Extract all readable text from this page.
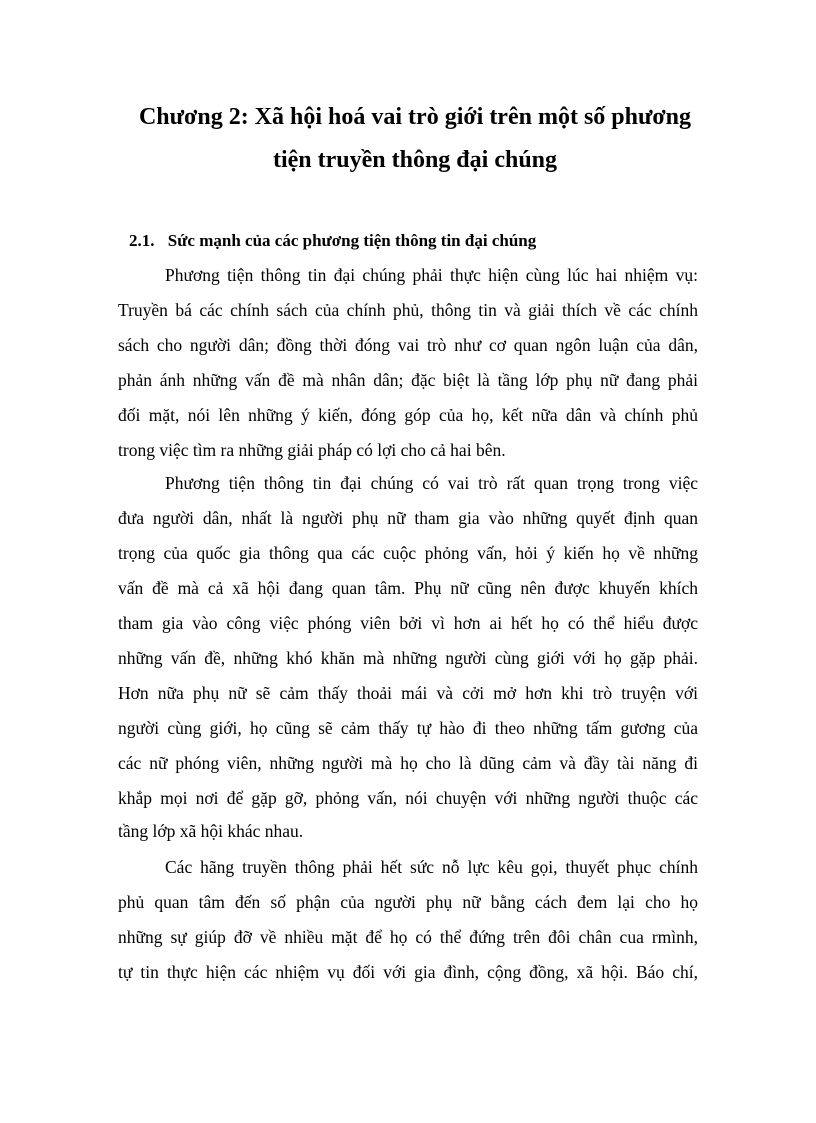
Chương 2: Xã hội hoá vai trò giới trên một số phương
tiện truyền thông đại chúng
2.1. Sức mạnh của các phương tiện thông tin đại chúng
Phương tiện thông tin đại chúng phải thực hiện cùng lúc hai nhiệm vụ:
Truyền bá các chính sách của chính phủ, thông tin và giải thích về các chính
sách cho người dân; đồng thời đóng vai trò như cơ quan ngôn luận của dân,
phản ánh những vấn đề mà nhân dân; đặc biệt là tầng lớp phụ nữ đang phải
đối mặt, nói lên những ý kiến, đóng góp của họ, kết nữa dân và chính phủ
trong việc tìm ra những giải pháp có lợi cho cả hai bên.
Phương tiện thông tin đại chúng có vai trò rất quan trọng trong việc
đưa người dân, nhất là người phụ nữ tham gia vào những quyết định quan
trọng của quốc gia thông qua các cuộc phỏng vấn, hỏi ý kiến họ về những
vấn đề mà cả xã hội đang quan tâm. Phụ nữ cũng nên được khuyến khích
tham gia vào công việc phóng viên bởi vì hơn ai hết họ có thể hiểu được
những vấn đề, những khó khăn mà những người cùng giới với họ gặp phải.
Hơn nữa phụ nữ sẽ cảm thấy thoải mái và cởi mở hơn khi trò truyện với
người cùng giới, họ cũng sẽ cảm thấy tự hào đi theo những tấm gương của
các nữ phóng viên, những người mà họ cho là dũng cảm và đầy tài năng đi
khắp mọi nơi để gặp gỡ, phỏng vấn, nói chuyện với những người thuộc các
tầng lớp xã hội khác nhau.
Các hãng truyền thông phải hết sức nỗ lực kêu gọi, thuyết phục chính
phủ quan tâm đến số phận của người phụ nữ bằng cách đem lại cho họ
những sự giúp đỡ về nhiều mặt để họ có thể đứng trên đôi chân cua rmình,
tự tin thực hiện các nhiệm vụ đối với gia đình, cộng đồng, xã hội. Báo chí,
